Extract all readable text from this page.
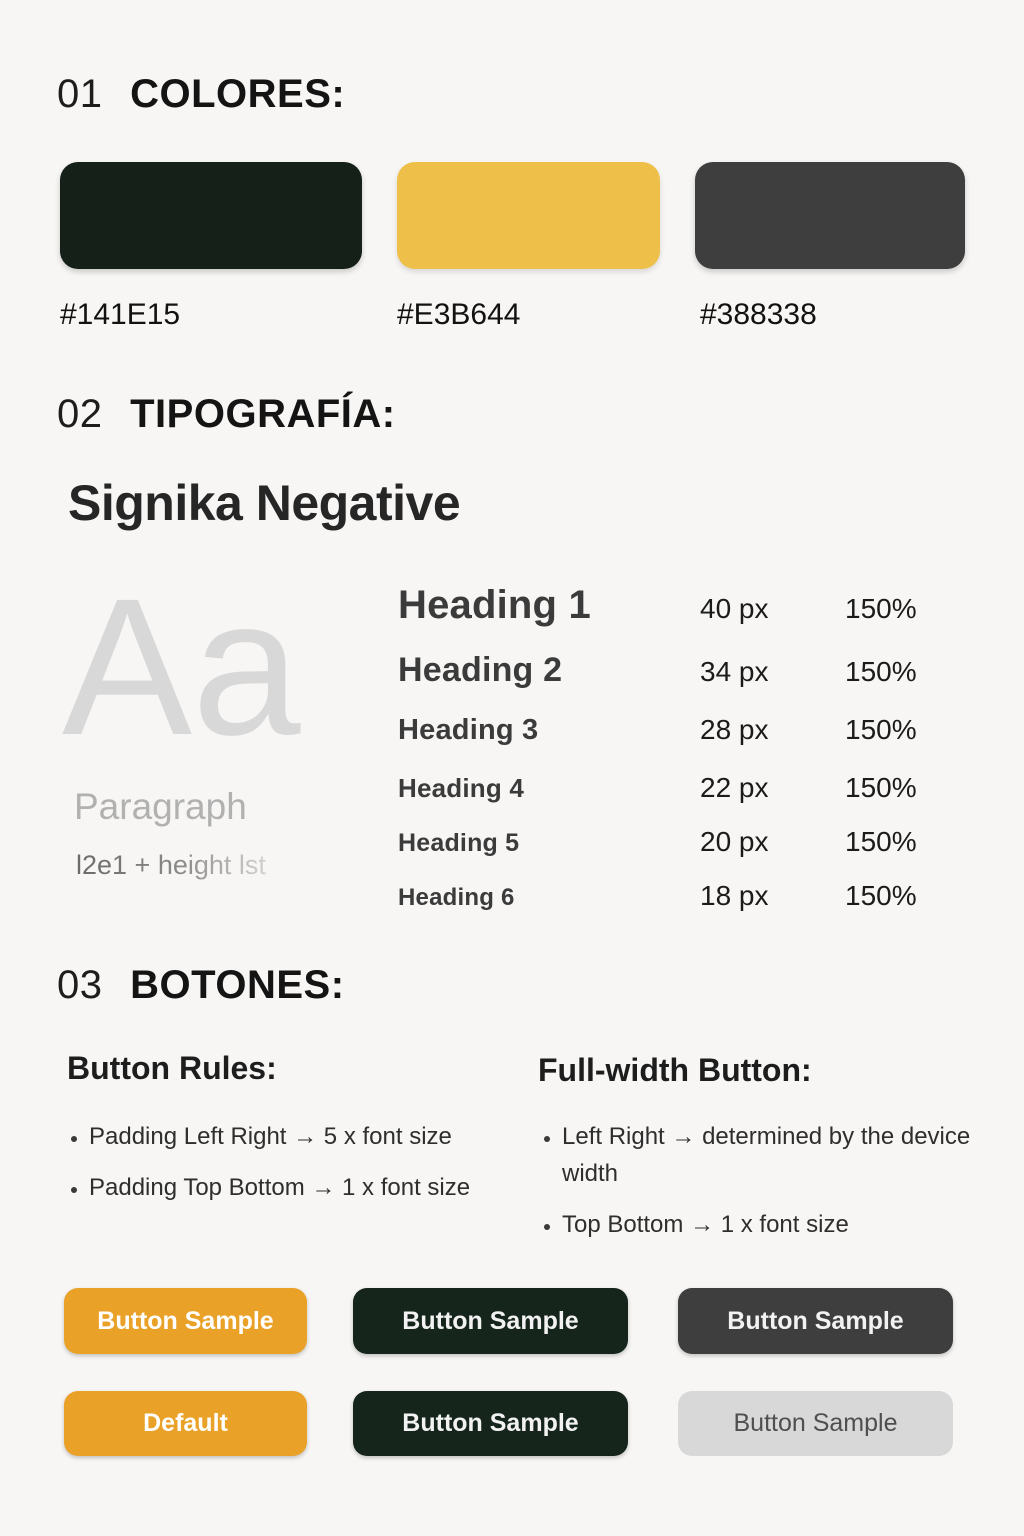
01 COLORES:
#141E15	#E3B644	#388338
02 TIPOGRAFÍA:
Signika Negative
Aa
Paragraph
l2e1 + height lst
Heading 1	40 px	150%
Heading 2	34 px	150%
Heading 3	28 px	150%
Heading 4	22 px	150%
Heading 5	20 px	150%
Heading 6	18 px	150%
03 BOTONES:
Button Rules:
• Padding Left Right → 5 x font size
• Padding Top Bottom → 1 x font size
Full-width Button:
• Left Right → determined by the device width
• Top Bottom → 1 x font size
Button Sample	Button Sample	Button Sample
Default	Button Sample	Button Sample
